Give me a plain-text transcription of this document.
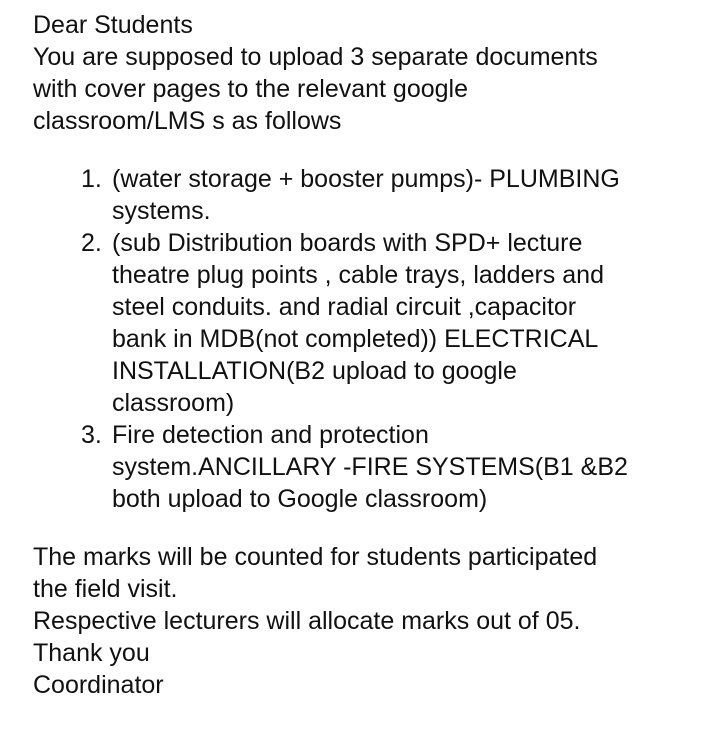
Dear Students
You are supposed to upload 3 separate documents
with cover pages to the relevant google
classroom/LMS s as follows
1. (water storage + booster pumps)- PLUMBING
systems.
2. (sub Distribution boards with SPD+ lecture
theatre plug points , cable trays, ladders and
steel conduits. and radial circuit ,capacitor
bank in MDB(not completed)) ELECTRICAL
INSTALLATION(B2 upload to google
classroom)
3. Fire detection and protection
system.ANCILLARY -FIRE SYSTEMS(B1 &B2
both upload to Google classroom)
The marks will be counted for students participated
the field visit.
Respective lecturers will allocate marks out of 05.
Thank you
Coordinator
